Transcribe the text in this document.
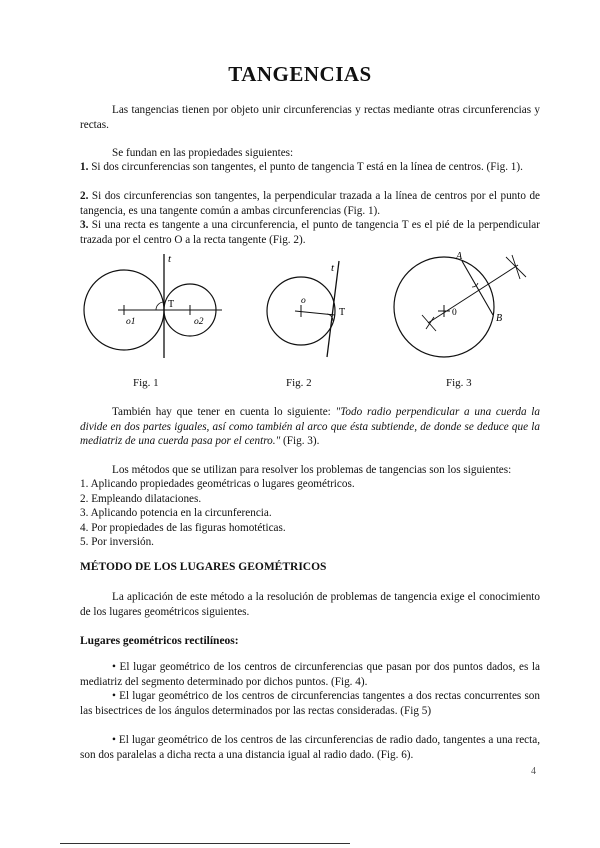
TANGENCIAS

Las tangencias tienen por objeto unir circunferencias y rectas mediante otras circunferencias y rectas.

Se fundan en las propiedades siguientes:

1. Si dos circunferencias son tangentes, el punto de tangencia T está en la línea de centros. (Fig. 1).

2. Si dos circunferencias son tangentes, la perpendicular trazada a la línea de centros por el punto de tangencia, es una tangente común a ambas circunferencias (Fig. 1).

3. Si una recta es tangente a una circunferencia, el punto de tangencia T es el pié de la perpendicular trazada por el centro O a la recta tangente (Fig. 2).

t
T
o1	o2
Fig. 1
t
o
T
Fig. 2
A
B
0
Fig. 3

También hay que tener en cuenta lo siguiente: "Todo radio perpendicular a una cuerda la divide en dos partes iguales, así como también al arco que ésta subtiende, de donde se deduce que la mediatriz de una cuerda pasa por el centro." (Fig. 3).

Los métodos que se utilizan para resolver los problemas de tangencias son los siguientes:

1. Aplicando propiedades geométricas o lugares geométricos.
2. Empleando dilataciones.
3. Aplicando potencia en la circunferencia.
4. Por propiedades de las figuras homotéticas.
5. Por inversión.
MÉTODO DE LOS LUGARES GEOMÉTRICOS

La aplicación de este método a la resolución de problemas de tangencia exige el conocimiento de los lugares geométricos siguientes.

Lugares geométricos rectilíneos:

• El lugar geométrico de los centros de circunferencias que pasan por dos puntos dados, es la mediatriz del segmento determinado por dichos puntos. (Fig. 4).

• El lugar geométrico de los centros de circunferencias tangentes a dos rectas concurrentes son las bisectrices de los ángulos determinados por las rectas consideradas. (Fig 5)

• El lugar geométrico de los centros de las circunferencias de radio dado, tangentes a una recta, son dos paralelas a dicha recta a una distancia igual al radio dado. (Fig. 6).

4
